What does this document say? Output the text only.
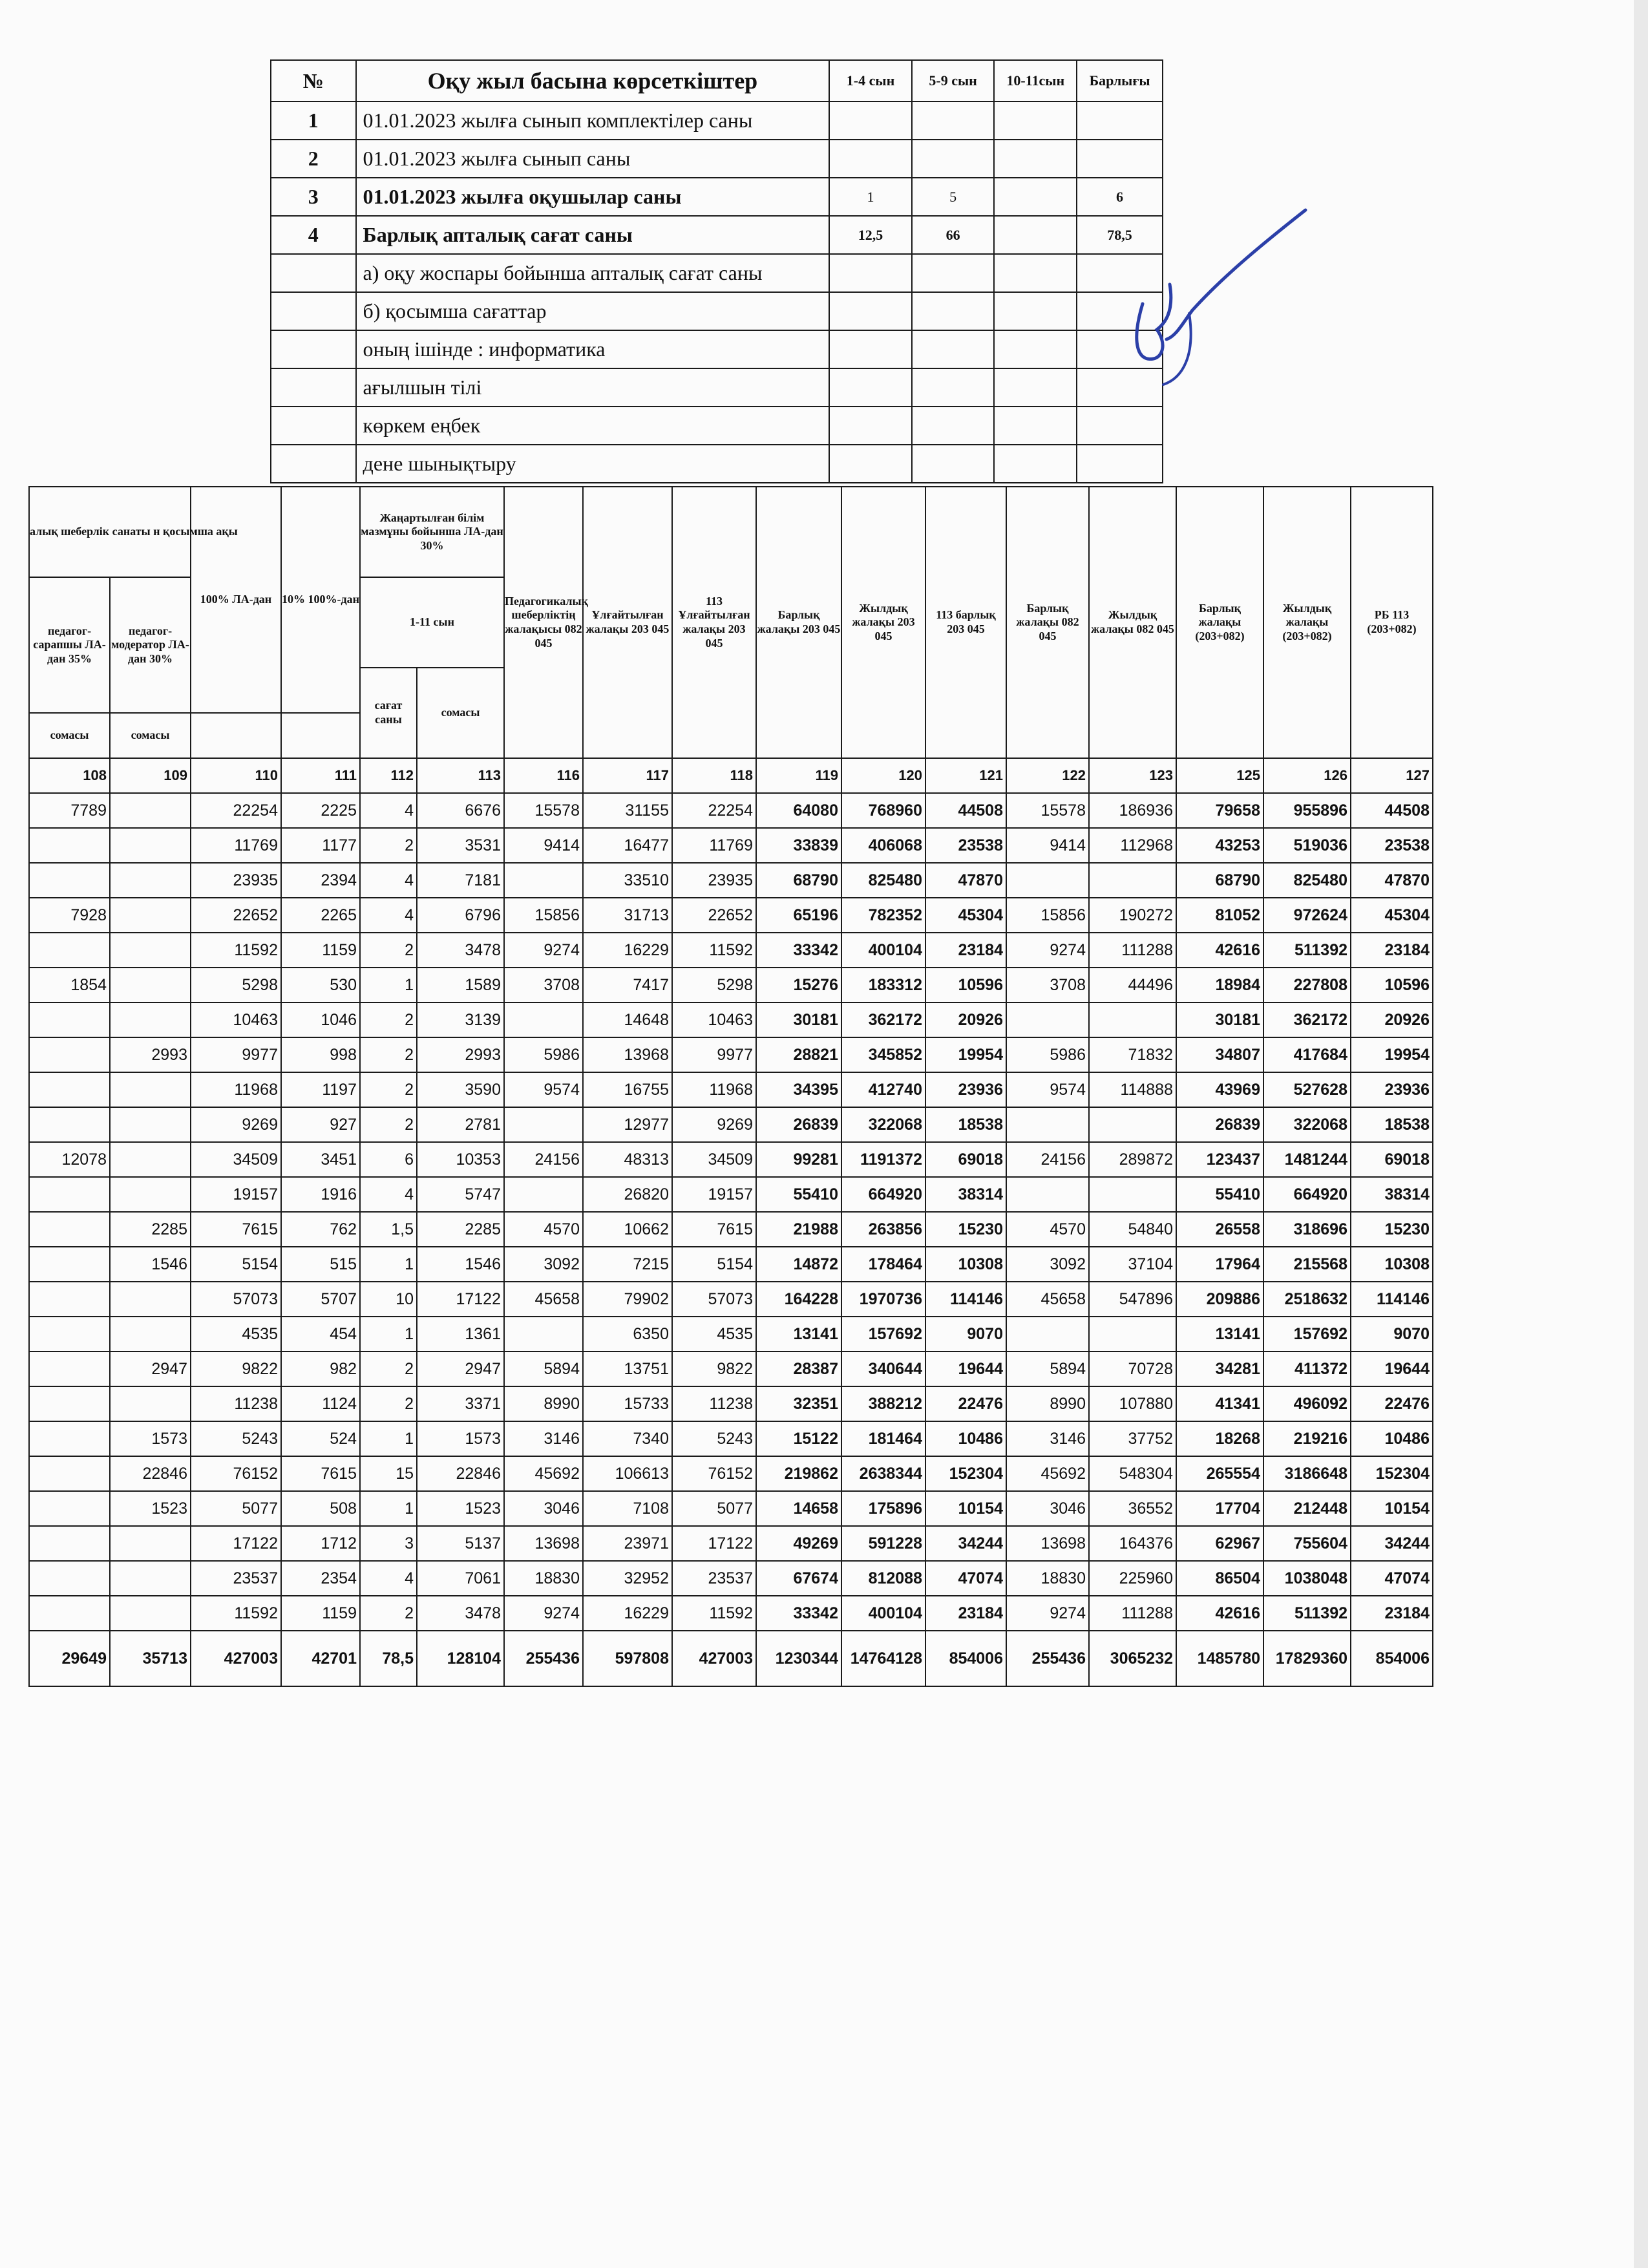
№	Оқу жыл басына көрсеткіштер	1-4 сын	5-9 сын	10-11сын	Барлығы
1	01.01.2023 жылға сынып комплектілер саны				
2	01.01.2023 жылға сынып саны				
3	01.01.2023 жылға оқушылар саны	1	5		6
4	Барлық апталық сағат саны	12,5	66		78,5
	а) оқу жоспары бойынша апталық сағат саны				
	б) қосымша сағаттар				
	оның ішінде : информатика				
	ағылшын тілі				
	көркем еңбек				
	дене шынықтыру				
алық шеберлік санаты н қосымша ақы		100% ЛА-дан	10% 100%-дан	Жаңартылған білім мазмұны бойынша ЛА-дан 30%		Педагогикалық шеберліктің жалақысы 082 045	Ұлғайтылған жалақы 203 045	113 Ұлғайтылған жалақы 203 045	Барлық жалақы 203 045	Жылдық жалақы 203 045	113 барлық 203 045	Барлық жалақы 082 045	Жылдық жалақы 082 045	Барлық жалақы (203+082)	Жылдық жалақы (203+082)	РБ 113 (203+082)
педагог-сарапшы ЛА-дан 35%	педагог-модератор ЛА-дан 30%			1-11 сын												
				сағат саны	сомасы											
сомасы	сомасы															
108	109	110	111	112	113	116	117	118	119	120	121	122	123	125	126	127
7789		22254	2225	4	6676	15578	31155	22254	64080	768960	44508	15578	186936	79658	955896	44508
		11769	1177	2	3531	9414	16477	11769	33839	406068	23538	9414	112968	43253	519036	23538
		23935	2394	4	7181		33510	23935	68790	825480	47870			68790	825480	47870
7928		22652	2265	4	6796	15856	31713	22652	65196	782352	45304	15856	190272	81052	972624	45304
		11592	1159	2	3478	9274	16229	11592	33342	400104	23184	9274	111288	42616	511392	23184
1854		5298	530	1	1589	3708	7417	5298	15276	183312	10596	3708	44496	18984	227808	10596
		10463	1046	2	3139		14648	10463	30181	362172	20926			30181	362172	20926
	2993	9977	998	2	2993	5986	13968	9977	28821	345852	19954	5986	71832	34807	417684	19954
		11968	1197	2	3590	9574	16755	11968	34395	412740	23936	9574	114888	43969	527628	23936
		9269	927	2	2781		12977	9269	26839	322068	18538			26839	322068	18538
12078		34509	3451	6	10353	24156	48313	34509	99281	1191372	69018	24156	289872	123437	1481244	69018
		19157	1916	4	5747		26820	19157	55410	664920	38314			55410	664920	38314
	2285	7615	762	1,5	2285	4570	10662	7615	21988	263856	15230	4570	54840	26558	318696	15230
	1546	5154	515	1	1546	3092	7215	5154	14872	178464	10308	3092	37104	17964	215568	10308
		57073	5707	10	17122	45658	79902	57073	164228	1970736	114146	45658	547896	209886	2518632	114146
		4535	454	1	1361		6350	4535	13141	157692	9070			13141	157692	9070
	2947	9822	982	2	2947	5894	13751	9822	28387	340644	19644	5894	70728	34281	411372	19644
		11238	1124	2	3371	8990	15733	11238	32351	388212	22476	8990	107880	41341	496092	22476
	1573	5243	524	1	1573	3146	7340	5243	15122	181464	10486	3146	37752	18268	219216	10486
	22846	76152	7615	15	22846	45692	106613	76152	219862	2638344	152304	45692	548304	265554	3186648	152304
	1523	5077	508	1	1523	3046	7108	5077	14658	175896	10154	3046	36552	17704	212448	10154
		17122	1712	3	5137	13698	23971	17122	49269	591228	34244	13698	164376	62967	755604	34244
		23537	2354	4	7061	18830	32952	23537	67674	812088	47074	18830	225960	86504	1038048	47074
		11592	1159	2	3478	9274	16229	11592	33342	400104	23184	9274	111288	42616	511392	23184
29649	35713	427003	42701	78,5	128104	255436	597808	427003	1230344	14764128	854006	255436	3065232	1485780	17829360	854006
